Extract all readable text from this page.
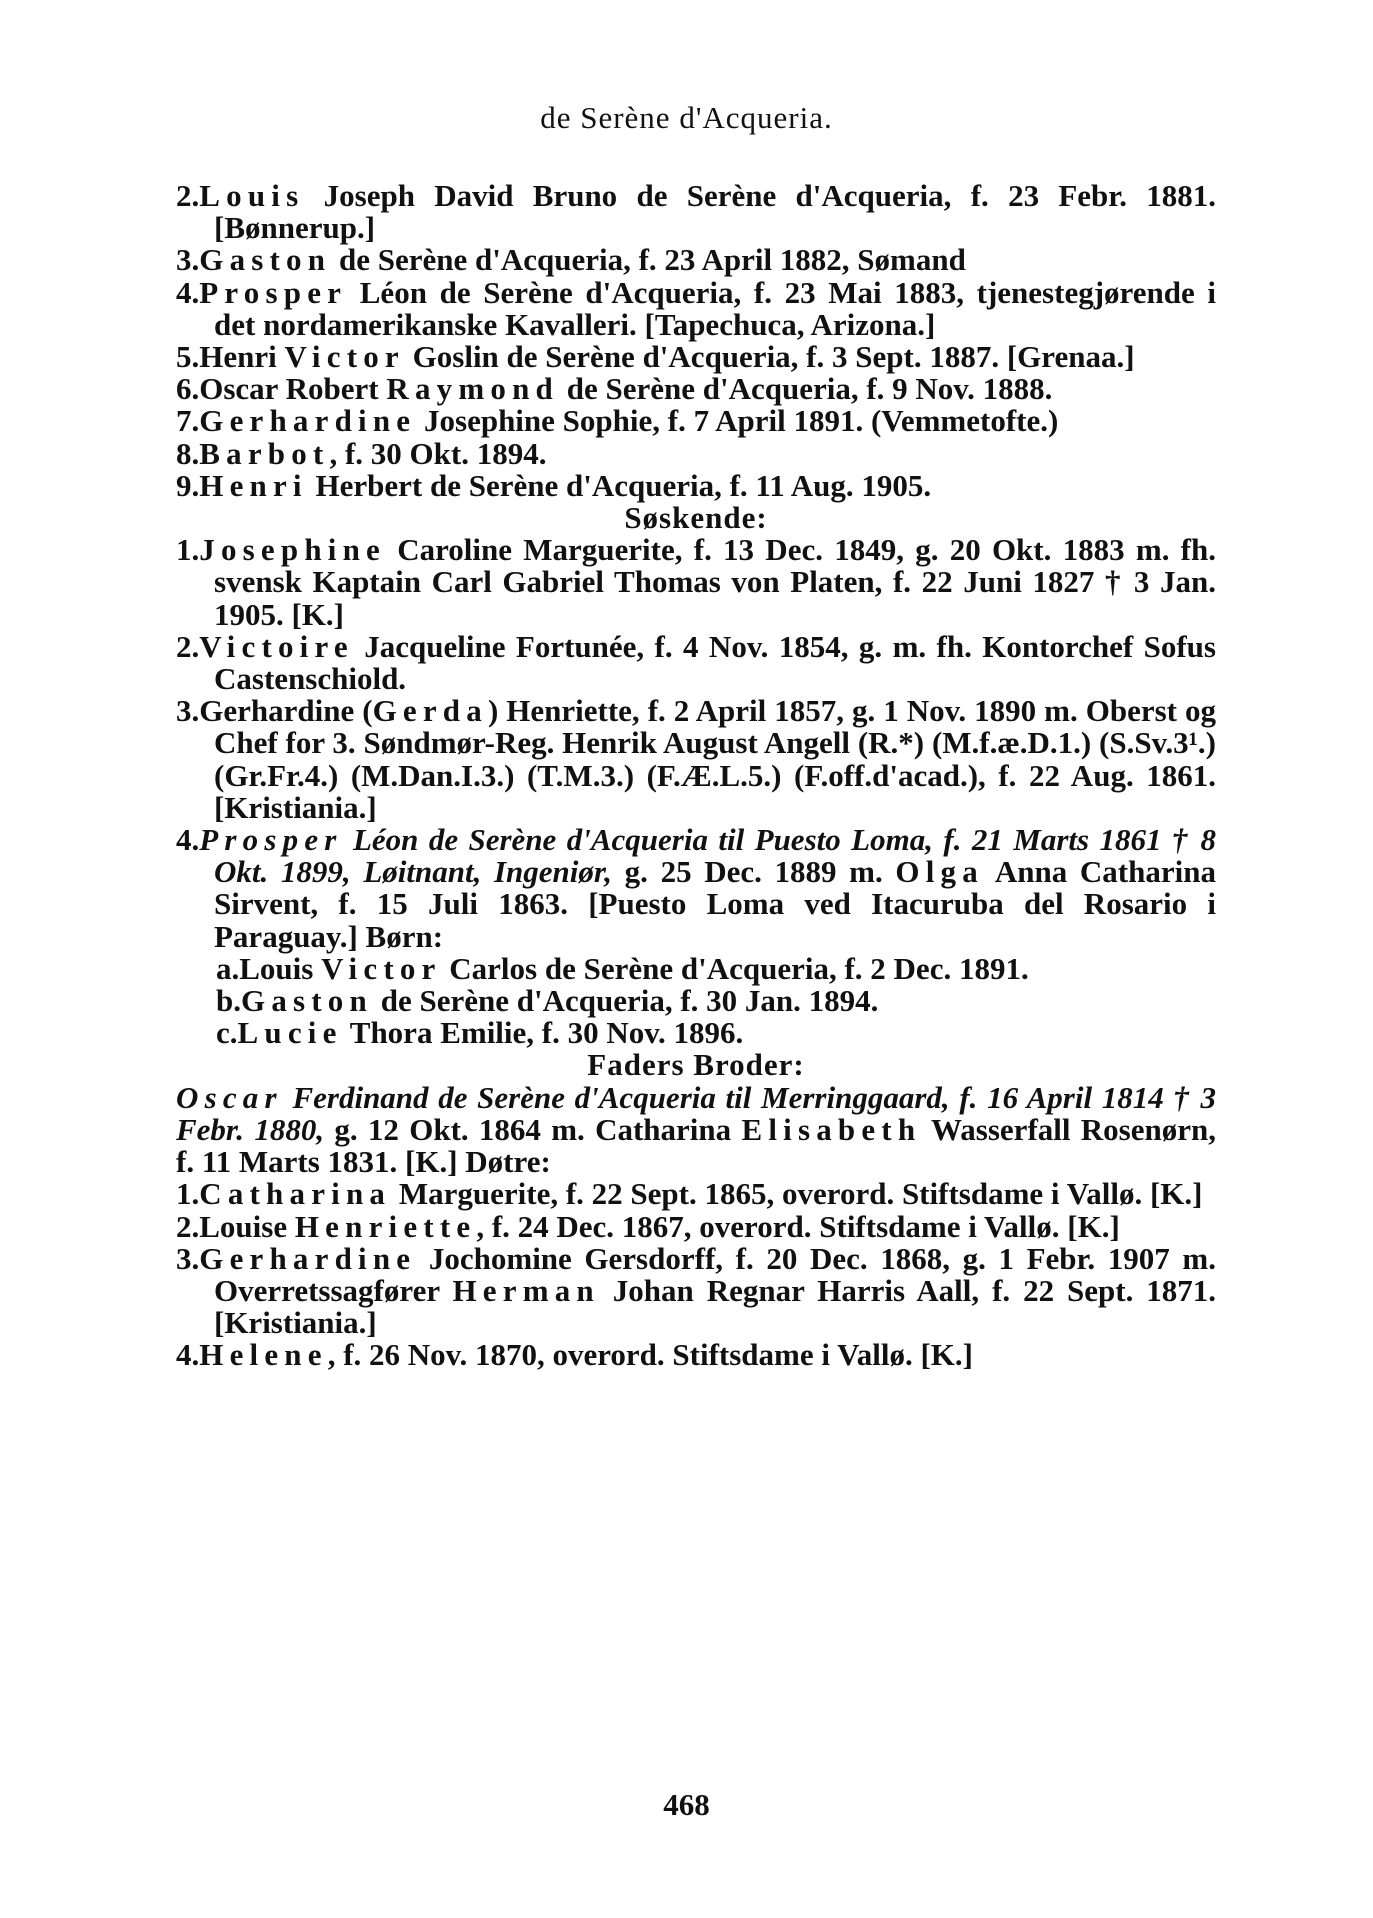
de Serène d'Acqueria.

2.Louis Joseph David Bruno de Serène d'Acqueria, f. 23 Febr. 1881. [Bønnerup.]

3.Gaston de Serène d'Acqueria, f. 23 April 1882, Sømand

4.Prosper Léon de Serène d'Acqueria, f. 23 Mai 1883, tjenestegjørende i det nordamerikanske Kavalleri. [Tapechuca, Arizona.]

5.Henri Victor Goslin de Serène d'Acqueria, f. 3 Sept. 1887. [Grenaa.]

6.Oscar Robert Raymond de Serène d'Acqueria, f. 9 Nov. 1888.

7.Gerhardine Josephine Sophie, f. 7 April 1891. (Vemmetofte.)

8.Barbot, f. 30 Okt. 1894.

9.Henri Herbert de Serène d'Acqueria, f. 11 Aug. 1905.

Søskende:

1.Josephine Caroline Marguerite, f. 13 Dec. 1849, g. 20 Okt. 1883 m. fh. svensk Kaptain Carl Gabriel Thomas von Platen, f. 22 Juni 1827 † 3 Jan. 1905. [K.]

2.Victoire Jacqueline Fortunée, f. 4 Nov. 1854, g. m. fh. Kontorchef Sofus Castenschiold.

3.Gerhardine (Gerda) Henriette, f. 2 April 1857, g. 1 Nov. 1890 m. Oberst og Chef for 3. Søndmør-Reg. Henrik August Angell (R.*) (M.f.æ.D.1.) (S.Sv.3¹.) (Gr.Fr.4.) (M.Dan.I.3.) (T.M.3.) (F.Æ.L.5.) (F.off.d'acad.), f. 22 Aug. 1861. [Kristiania.]

4.Prosper Léon de Serène d'Acqueria til Puesto Loma, f. 21 Marts 1861 † 8 Okt. 1899, Løitnant, Ingeniør, g. 25 Dec. 1889 m. Olga Anna Catharina Sirvent, f. 15 Juli 1863. [Puesto Loma ved Itacuruba del Rosario i Paraguay.] Børn:

a.Louis Victor Carlos de Serène d'Acqueria, f. 2 Dec. 1891.

b.Gaston de Serène d'Acqueria, f. 30 Jan. 1894.

c.Lucie Thora Emilie, f. 30 Nov. 1896.

Faders Broder:

Oscar Ferdinand de Serène d'Acqueria til Merringgaard, f. 16 April 1814 † 3 Febr. 1880, g. 12 Okt. 1864 m. Catharina Elisabeth Wasserfall Rosenørn, f. 11 Marts 1831. [K.] Døtre:

1.Catharina Marguerite, f. 22 Sept. 1865, overord. Stiftsdame i Vallø. [K.]

2.Louise Henriette, f. 24 Dec. 1867, overord. Stiftsdame i Vallø. [K.]

3.Gerhardine Jochomine Gersdorff, f. 20 Dec. 1868, g. 1 Febr. 1907 m. Overretssagfører Herman Johan Regnar Harris Aall, f. 22 Sept. 1871. [Kristiania.]

4.Helene, f. 26 Nov. 1870, overord. Stiftsdame i Vallø. [K.]

468
